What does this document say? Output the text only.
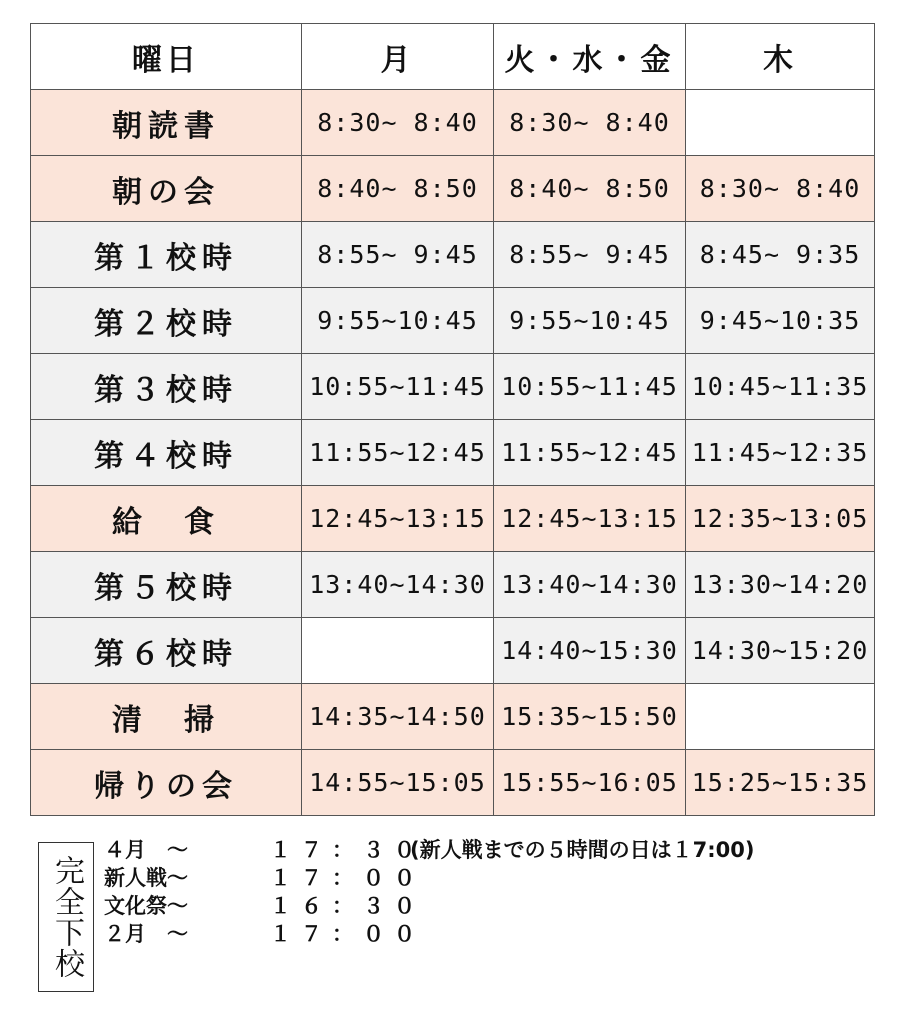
曜日	月	火・水・金	木
朝読書	8:30~ 8:40	8:30~ 8:40	
朝の会	8:40~ 8:50	8:40~ 8:50	8:30~ 8:40
第１校時	8:55~ 9:45	8:55~ 9:45	8:45~ 9:35
第２校時	9:55~10:45	9:55~10:45	9:45~10:35
第３校時	10:55~11:45	10:55~11:45	10:45~11:35
第４校時	11:55~12:45	11:55~12:45	11:45~12:35
給　食	12:45~13:15	12:45~13:15	12:35~13:05
第５校時	13:40~14:30	13:40~14:30	13:30~14:20
第６校時		14:40~15:30	14:30~15:20
清　掃	14:35~14:50	15:35~15:50	
帰りの会	14:55~15:05	15:55~16:05	15:25~15:35
完全下校
４月　～	１７：３０
(新人戦までの５時間の日は１7:00)
新人戦～	１７：００
文化祭～	１６：３０
２月　～	１７：００
